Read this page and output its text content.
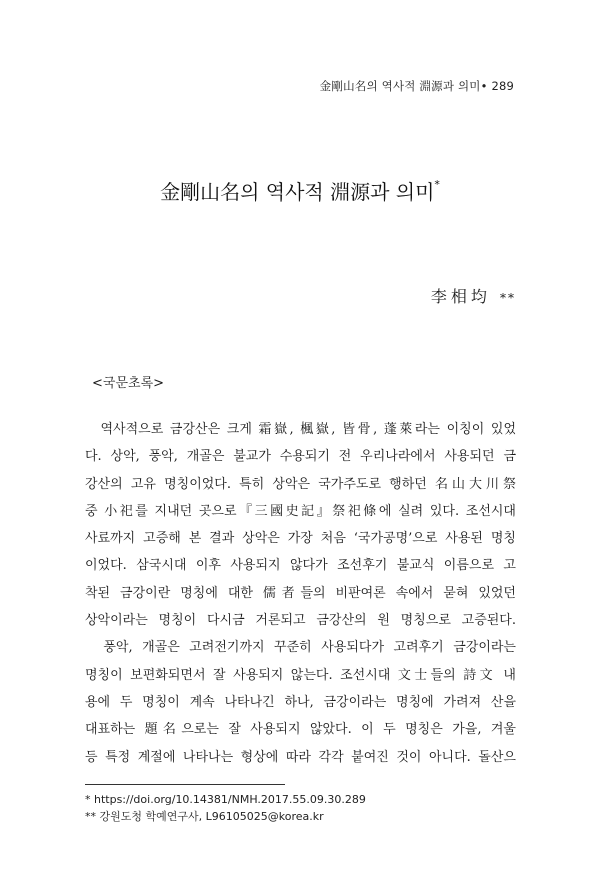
金剛山名의 역사적 淵源과 의미• 289
金剛山名의 역사적 淵源과 의미*
李相均 **
<국문초록>
　역사적으로 금강산은 크게 霜嶽, 楓嶽, 皆骨, 蓬萊라는 이칭이 있었
다. 상악, 풍악, 개골은 불교가 수용되기 전 우리나라에서 사용되던 금
강산의 고유 명칭이었다. 특히 상악은 국가주도로 행하던 名山大川祭
중 小祀를 지내던 곳으로『三國史記』祭祀條에 실려 있다. 조선시대
사료까지 고증해 본 결과 상악은 가장 처음 ‘국가공명’으로 사용된 명칭
이었다. 삼국시대 이후 사용되지 않다가 조선후기 불교식 이름으로 고
착된 금강이란 명칭에 대한 儒者들의 비판여론 속에서 묻혀 있었던
상악이라는 명칭이 다시금 거론되고 금강산의 원 명칭으로 고증된다.
　풍악, 개골은 고려전기까지 꾸준히 사용되다가 고려후기 금강이라는
명칭이 보편화되면서 잘 사용되지 않는다. 조선시대 文士들의 詩文 내
용에 두 명칭이 계속 나타나긴 하나, 금강이라는 명칭에 가려져 산을
대표하는 題名으로는 잘 사용되지 않았다. 이 두 명칭은 가을, 겨울
등 특정 계절에 나타나는 형상에 따라 각각 붙여진 것이 아니다. 돌산으
* https://doi.org/10.14381/NMH.2017.55.09.30.289
** 강원도청 학예연구사, L96105025@korea.kr
